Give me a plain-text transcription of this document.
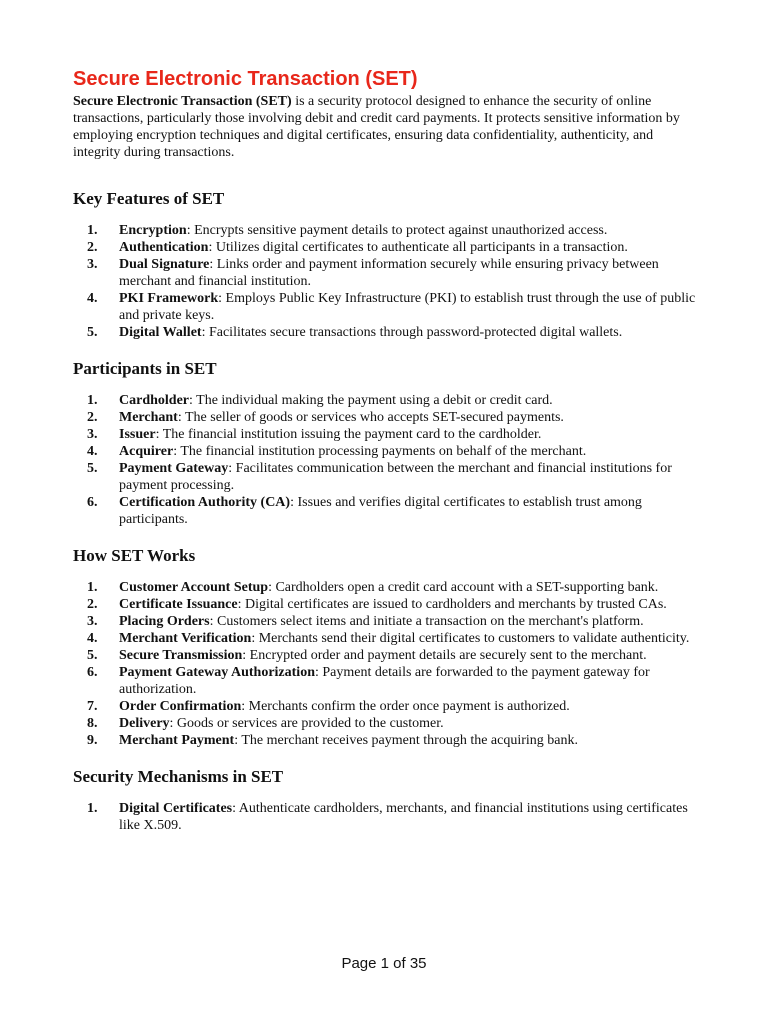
Secure Electronic Transaction (SET)

Secure Electronic Transaction (SET) is a security protocol designed to enhance the security of online transactions, particularly those involving debit and credit card payments. It protects sensitive information by employing encryption techniques and digital certificates, ensuring data confidentiality, authenticity, and integrity during transactions.

Key Features of SET
1. Encryption: Encrypts sensitive payment details to protect against unauthorized access.
2. Authentication: Utilizes digital certificates to authenticate all participants in a transaction.
3. Dual Signature: Links order and payment information securely while ensuring privacy between merchant and financial institution.
4. PKI Framework: Employs Public Key Infrastructure (PKI) to establish trust through the use of public and private keys.
5. Digital Wallet: Facilitates secure transactions through password-protected digital wallets.
Participants in SET
1. Cardholder: The individual making the payment using a debit or credit card.
2. Merchant: The seller of goods or services who accepts SET-secured payments.
3. Issuer: The financial institution issuing the payment card to the cardholder.
4. Acquirer: The financial institution processing payments on behalf of the merchant.
5. Payment Gateway: Facilitates communication between the merchant and financial institutions for payment processing.
6. Certification Authority (CA): Issues and verifies digital certificates to establish trust among participants.
How SET Works
1. Customer Account Setup: Cardholders open a credit card account with a SET-supporting bank.
2. Certificate Issuance: Digital certificates are issued to cardholders and merchants by trusted CAs.
3. Placing Orders: Customers select items and initiate a transaction on the merchant's platform.
4. Merchant Verification: Merchants send their digital certificates to customers to validate authenticity.
5. Secure Transmission: Encrypted order and payment details are securely sent to the merchant.
6. Payment Gateway Authorization: Payment details are forwarded to the payment gateway for authorization.
7. Order Confirmation: Merchants confirm the order once payment is authorized.
8. Delivery: Goods or services are provided to the customer.
9. Merchant Payment: The merchant receives payment through the acquiring bank.
Security Mechanisms in SET
1. Digital Certificates: Authenticate cardholders, merchants, and financial institutions using certificates like X.509.
Page 1 of 35
